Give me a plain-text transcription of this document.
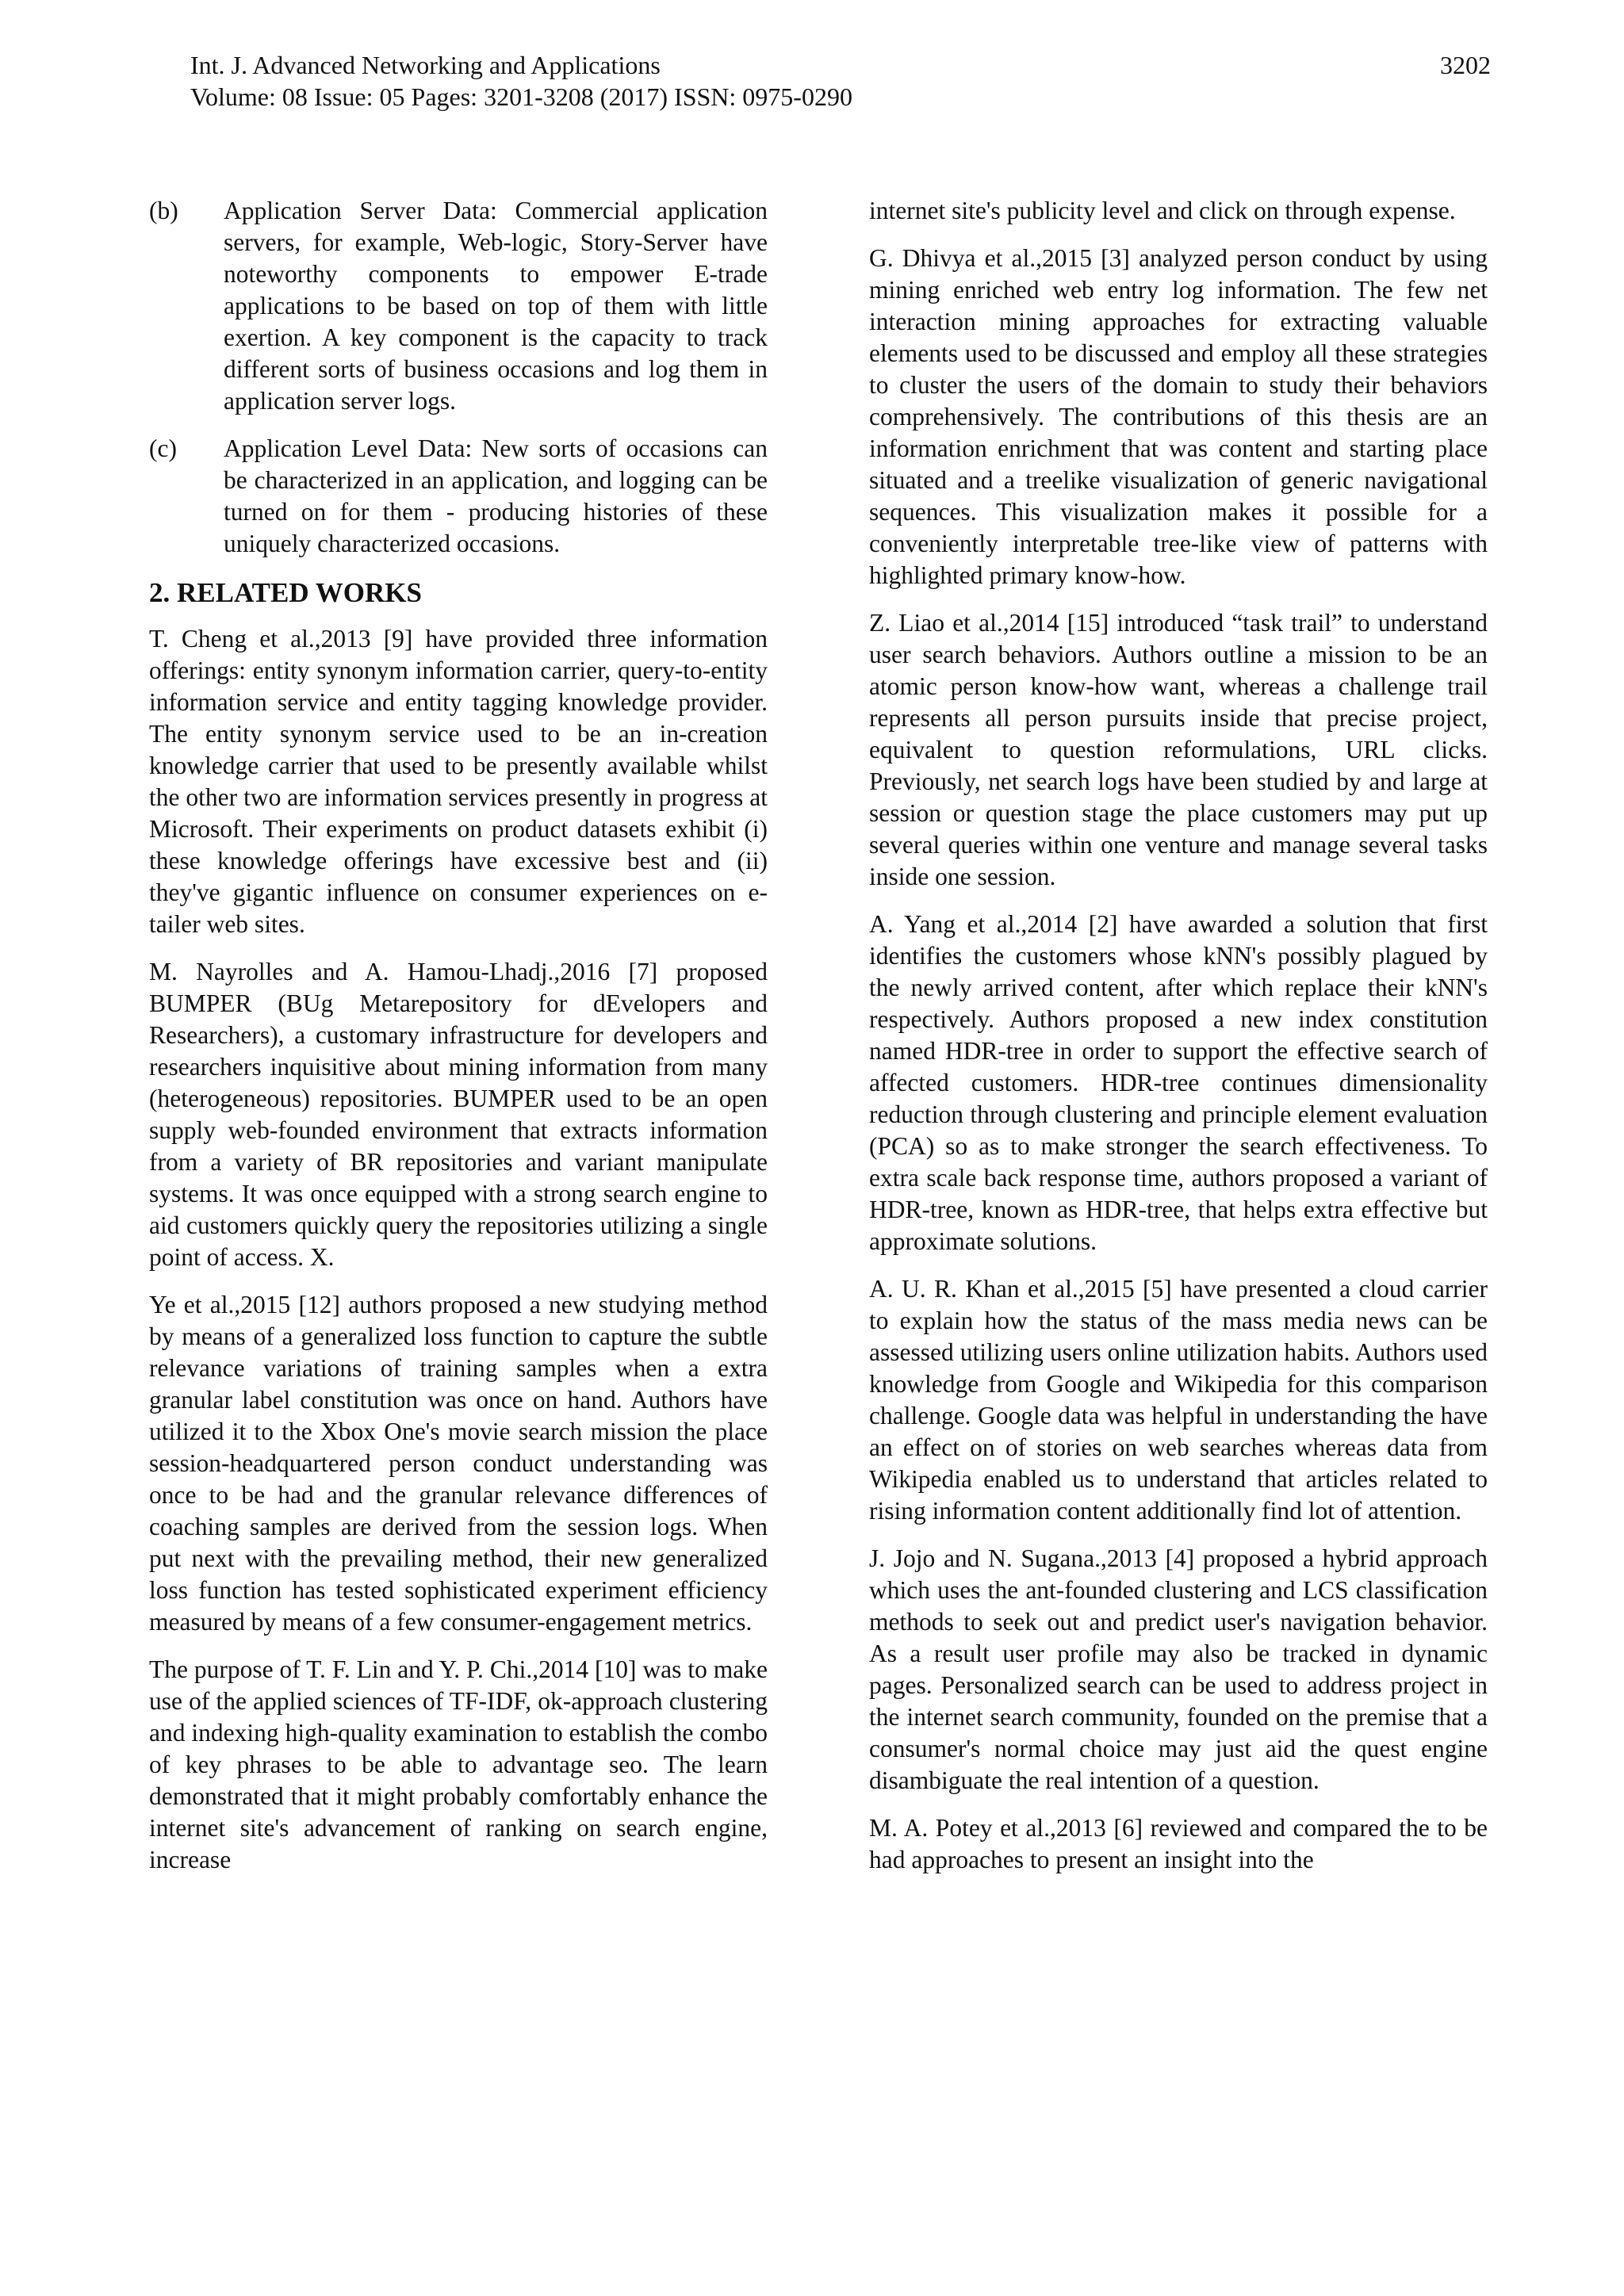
Int. J. Advanced Networking and Applications	3202
Volume: 08 Issue: 05 Pages: 3201-3208 (2017) ISSN: 0975-0290
(b)	Application Server Data: Commercial application servers, for example, Web-logic, Story-Server have noteworthy components to empower E-trade applications to be based on top of them with little exertion. A key component is the capacity to track different sorts of business occasions and log them in application server logs.
(c)	Application Level Data: New sorts of occasions can be characterized in an application, and logging can be turned on for them - producing histories of these uniquely characterized occasions.
2. RELATED WORKS

T. Cheng et al.,2013 [9] have provided three information offerings: entity synonym information carrier, query-to-entity information service and entity tagging knowledge provider. The entity synonym service used to be an in-creation knowledge carrier that used to be presently available whilst the other two are information services presently in progress at Microsoft. Their experiments on product datasets exhibit (i) these knowledge offerings have excessive best and (ii) they've gigantic influence on consumer experiences on e-tailer web sites.

M. Nayrolles and A. Hamou-Lhadj.,2016 [7] proposed BUMPER (BUg Metarepository for dEvelopers and Researchers), a customary infrastructure for developers and researchers inquisitive about mining information from many (heterogeneous) repositories. BUMPER used to be an open supply web-founded environment that extracts information from a variety of BR repositories and variant manipulate systems. It was once equipped with a strong search engine to aid customers quickly query the repositories utilizing a single point of access. X.

Ye et al.,2015 [12] authors proposed a new studying method by means of a generalized loss function to capture the subtle relevance variations of training samples when a extra granular label constitution was once on hand. Authors have utilized it to the Xbox One's movie search mission the place session-headquartered person conduct understanding was once to be had and the granular relevance differences of coaching samples are derived from the session logs. When put next with the prevailing method, their new generalized loss function has tested sophisticated experiment efficiency measured by means of a few consumer-engagement metrics.

The purpose of T. F. Lin and Y. P. Chi.,2014 [10] was to make use of the applied sciences of TF-IDF, ok-approach clustering and indexing high-quality examination to establish the combo of key phrases to be able to advantage seo. The learn demonstrated that it might probably comfortably enhance the internet site's advancement of ranking on search engine, increase

internet site's publicity level and click on through expense.

G. Dhivya et al.,2015 [3] analyzed person conduct by using mining enriched web entry log information. The few net interaction mining approaches for extracting valuable elements used to be discussed and employ all these strategies to cluster the users of the domain to study their behaviors comprehensively. The contributions of this thesis are an information enrichment that was content and starting place situated and a treelike visualization of generic navigational sequences. This visualization makes it possible for a conveniently interpretable tree-like view of patterns with highlighted primary know-how.

Z. Liao et al.,2014 [15] introduced “task trail” to understand user search behaviors. Authors outline a mission to be an atomic person know-how want, whereas a challenge trail represents all person pursuits inside that precise project, equivalent to question reformulations, URL clicks. Previously, net search logs have been studied by and large at session or question stage the place customers may put up several queries within one venture and manage several tasks inside one session.

A. Yang et al.,2014 [2] have awarded a solution that first identifies the customers whose kNN's possibly plagued by the newly arrived content, after which replace their kNN's respectively. Authors proposed a new index constitution named HDR-tree in order to support the effective search of affected customers. HDR-tree continues dimensionality reduction through clustering and principle element evaluation (PCA) so as to make stronger the search effectiveness. To extra scale back response time, authors proposed a variant of HDR-tree, known as HDR-tree, that helps extra effective but approximate solutions.

A. U. R. Khan et al.,2015 [5] have presented a cloud carrier to explain how the status of the mass media news can be assessed utilizing users online utilization habits. Authors used knowledge from Google and Wikipedia for this comparison challenge. Google data was helpful in understanding the have an effect on of stories on web searches whereas data from Wikipedia enabled us to understand that articles related to rising information content additionally find lot of attention.

J. Jojo and N. Sugana.,2013 [4] proposed a hybrid approach which uses the ant-founded clustering and LCS classification methods to seek out and predict user's navigation behavior. As a result user profile may also be tracked in dynamic pages. Personalized search can be used to address project in the internet search community, founded on the premise that a consumer's normal choice may just aid the quest engine disambiguate the real intention of a question.

M. A. Potey et al.,2013 [6] reviewed and compared the to be had approaches to present an insight into the
